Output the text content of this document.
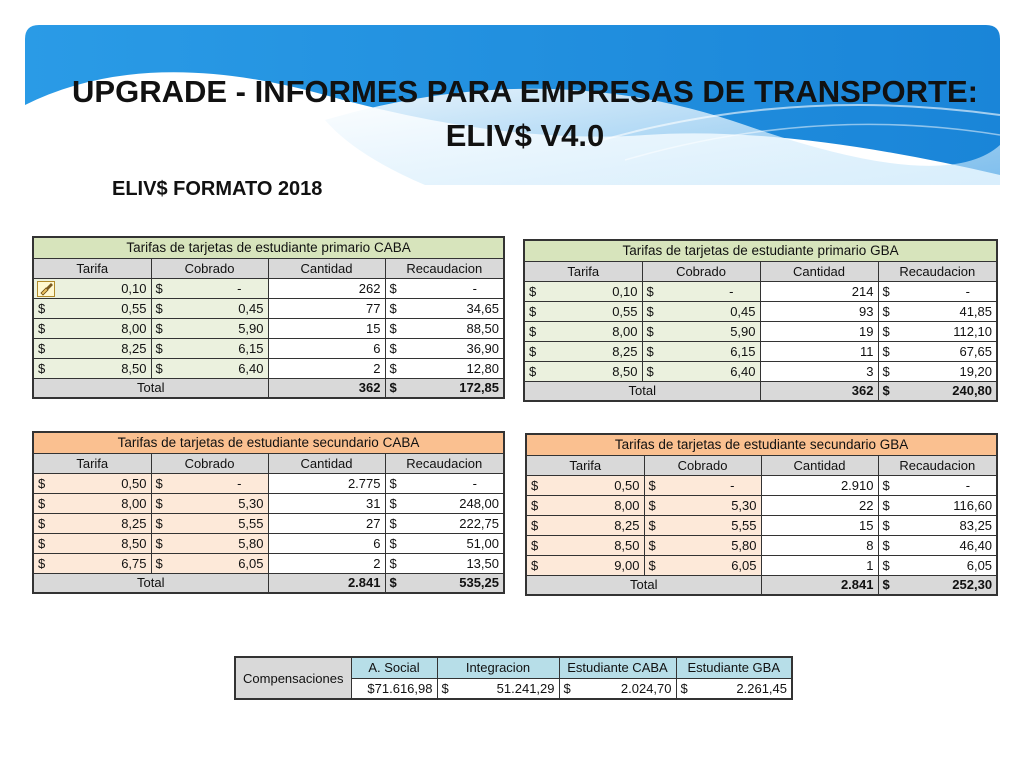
UPGRADE - INFORMES PARA EMPRESAS DE TRANSPORTE: ELIV$ V4.0
ELIV$ FORMATO 2018
Tarifas de tarjetas de estudiante primario CABA			
Tarifa	Cobrado	Cantidad	Recaudacion

0,10	$ -	262	$ -

$ 0,55	$ 0,45	77	$ 34,65

$ 8,00	$ 5,90	15	$ 88,50

$ 8,25	$ 6,15	6	$ 36,90

$ 8,50	$ 6,40	2	$ 12,80

Total		362	$ 172,85
Tarifas de tarjetas de estudiante primario GBA			
Tarifa	Cobrado	Cantidad	Recaudacion

$ 0,10	$ -	214	$ -

$ 0,55	$ 0,45	93	$ 41,85

$ 8,00	$ 5,90	19	$ 112,10

$ 8,25	$ 6,15	11	$ 67,65

$ 8,50	$ 6,40	3	$ 19,20

Total		362	$ 240,80
Tarifas de tarjetas de estudiante secundario CABA			
Tarifa	Cobrado	Cantidad	Recaudacion

$ 0,50	$ -	2.775	$ -

$ 8,00	$ 5,30	31	$ 248,00

$ 8,25	$ 5,55	27	$ 222,75

$ 8,50	$ 5,80	6	$ 51,00

$ 6,75	$ 6,05	2	$ 13,50

Total		2.841	$ 535,25
Tarifas de tarjetas de estudiante secundario GBA			
Tarifa	Cobrado	Cantidad	Recaudacion

$ 0,50	$ -	2.910	$ -

$ 8,00	$ 5,30	22	$ 116,60

$ 8,25	$ 5,55	15	$ 83,25

$ 8,50	$ 5,80	8	$ 46,40

$ 9,00	$ 6,05	1	$ 6,05

Total		2.841	$ 252,30
Compensaciones	A. Social	Integracion	Estudiante CABA	Estudiante GBA
	$71.616,98	$ 51.241,29	$ 2.024,70	$ 2.261,45
